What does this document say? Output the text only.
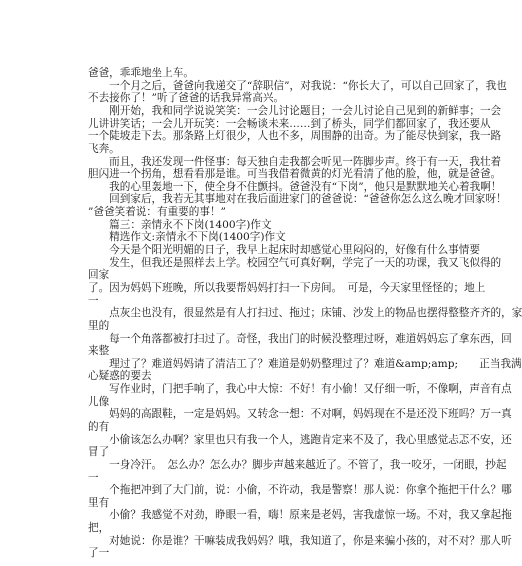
爸爸，乖乖地坐上车。
　　一个月之后，爸爸向我递交了“辞职信”，对我说：“你长大了，可以自己回家了，我也
不去接你了！”听了爸爸的话我异常高兴。
　　刚开始，我和同学说说笑笑：一会儿讨论题目；一会儿讨论自己见到的新鲜事；一会
儿讲讲笑话；一会儿开玩笑：一会畅谈未来……到了桥头，同学们都回家了，我还要从
一个陡坡走下去。那条路上灯很少，人也不多，周围静的出奇。为了能尽快到家，我一路
飞奔。
　　而且，我还发现一件怪事：每天独自走我都会听见一阵脚步声。终于有一天，我壮着
胆闪进一个拐角，想看看那是谁。可当我借着微黄的灯光看清了他的脸，他，就是爸爸。
　　我的心里轰地一下，使全身不住颤抖。爸爸没有“下岗”，他只是默默地关心着我啊！
　　回到家后，我若无其事地对在我后面进家门的爸爸说：“爸爸你怎么这么晚才回家呀！
”爸爸笑着说：有重要的事！”
　　篇三：亲情永不下岗(1400字)作文
　　精选作文:亲情永不下岗(1400字)作文
　　今天是个阳光明媚的日子，我早上起床时却感觉心里闷闷的，好像有什么事情要
　　发生，但我还是照样去上学。校园空气可真好啊，学完了一天的功课，我又飞似得的
回家
了。因为妈妈下班晚，所以我要帮妈妈打扫一下房间。　可是，今天家里怪怪的；地上
一
　　点灰尘也没有，很显然是有人打扫过、拖过；床铺、沙发上的物品也摆得整整齐齐的，家
里的
　　每一个角落都被打扫过了。奇怪，我出门的时候没整理过呀，难道妈妈忘了拿东西，回
来整
　　理过了？难道妈妈请了清洁工了？难道是奶奶整理过了？难道&amp;amp;　　正当我满
心疑惑的要去
　　写作业时，门把手响了，我心中大惊：不好！有小偷！又仔细一听，不像啊，声音有点
儿像
　　妈妈的高跟鞋，一定是妈妈。又转念一想：不对啊，妈妈现在不是还没下班吗？万一真
的有
　　小偷该怎么办啊？家里也只有我一个人，逃跑肯定来不及了，我心里感觉忐忑不安，还
冒了
　　一身冷汗。　怎么办？怎么办？脚步声越来越近了。不管了，我一咬牙，一闭眼，抄起
一
　　个拖把冲到了大门前，说：小偷，不许动，我是警察！那人说：你拿个拖把干什么？哪
里有
　　小偷？我感觉不对劲，睁眼一看，嗨！原来是老妈，害我虚惊一场。不对，我又拿起拖
把，
　　对她说：你是谁？干嘛装成我妈妈？哦，我知道了，你是来骗小孩的，对不对？那人听
了一
